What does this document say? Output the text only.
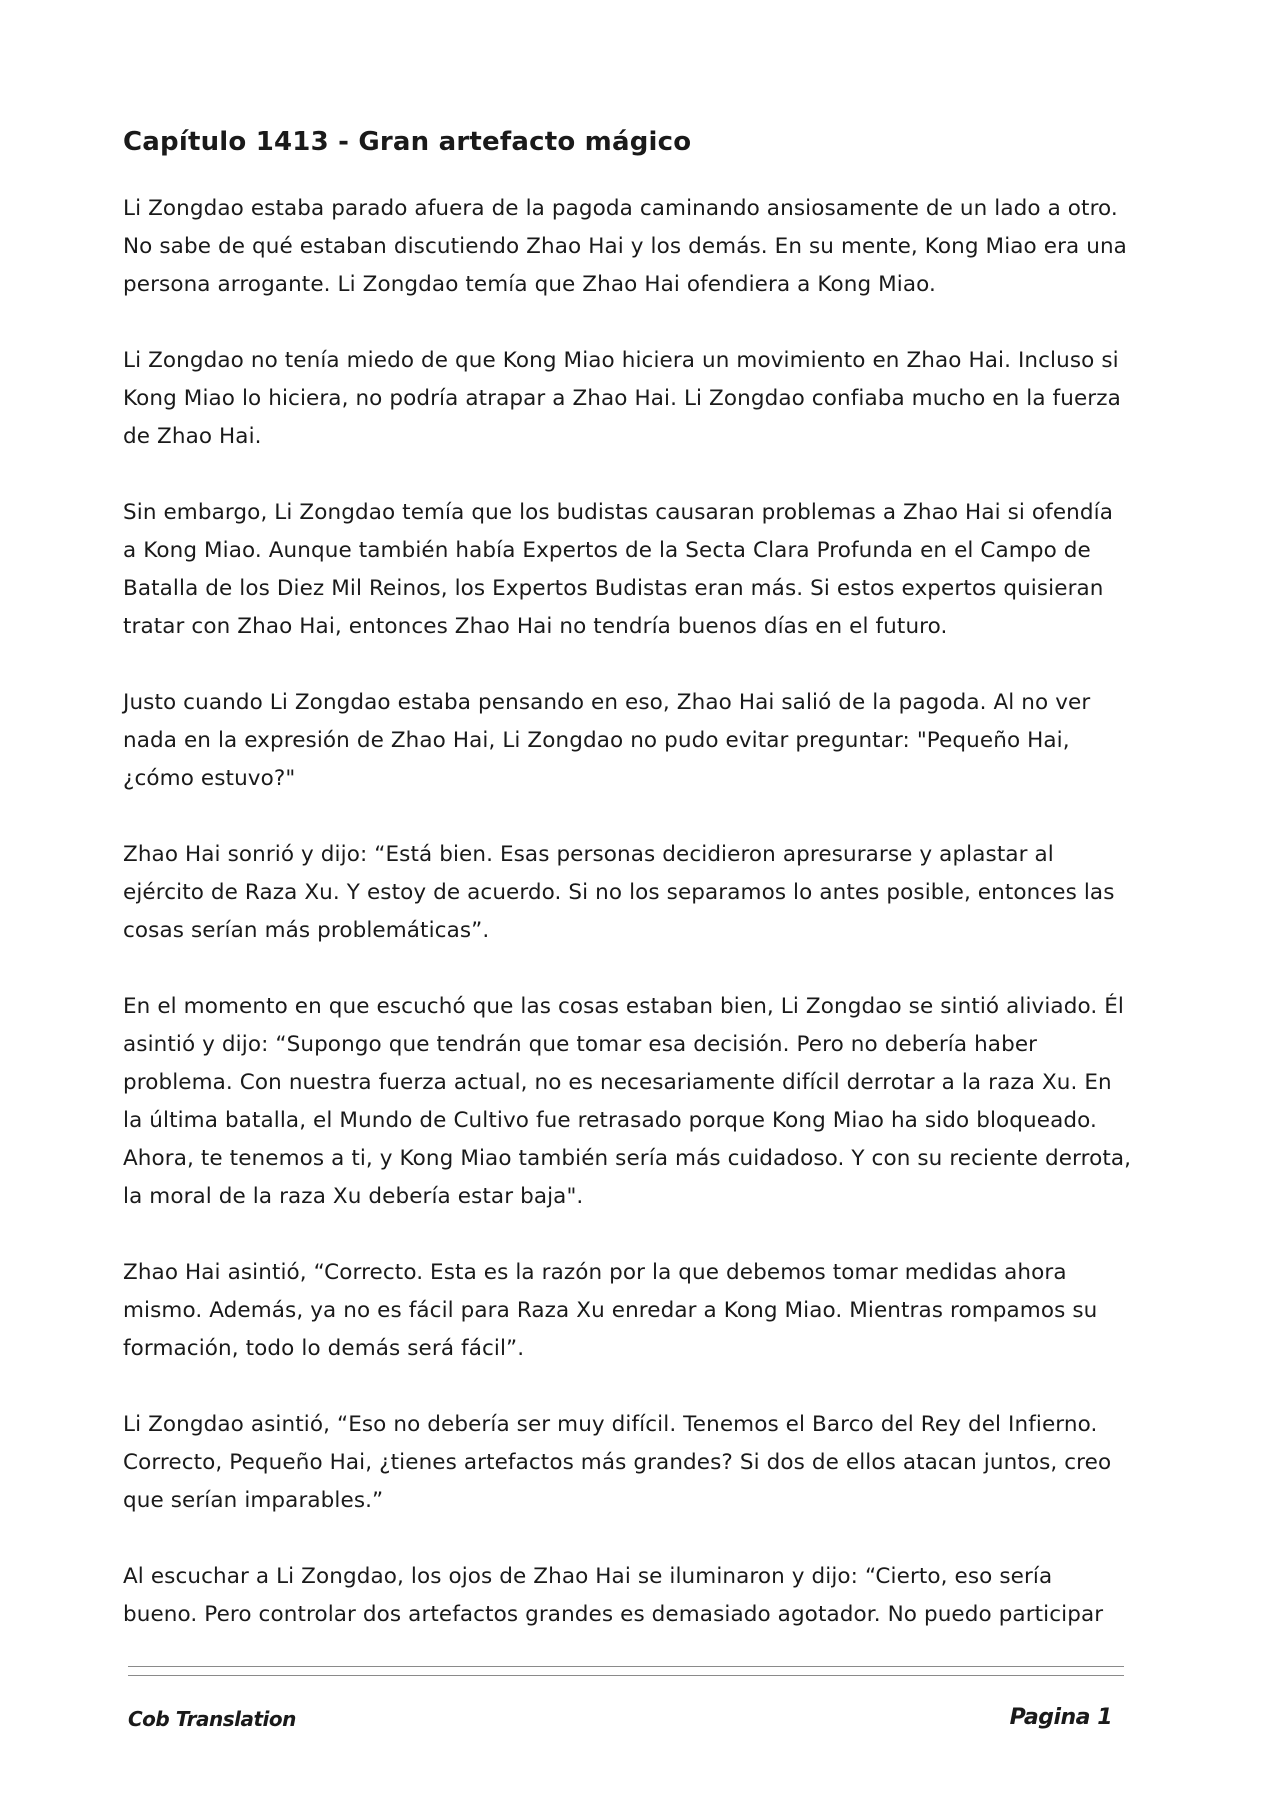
Capítulo 1413 - Gran artefacto mágico

Li Zongdao estaba parado afuera de la pagoda caminando ansiosamente de un lado a otro. No sabe de qué estaban discutiendo Zhao Hai y los demás. En su mente, Kong Miao era una persona arrogante. Li Zongdao temía que Zhao Hai ofendiera a Kong Miao.

Li Zongdao no tenía miedo de que Kong Miao hiciera un movimiento en Zhao Hai. Incluso si Kong Miao lo hiciera, no podría atrapar a Zhao Hai. Li Zongdao confiaba mucho en la fuerza de Zhao Hai.

Sin embargo, Li Zongdao temía que los budistas causaran problemas a Zhao Hai si ofendía a Kong Miao. Aunque también había Expertos de la Secta Clara Profunda en el Campo de Batalla de los Diez Mil Reinos, los Expertos Budistas eran más. Si estos expertos quisieran tratar con Zhao Hai, entonces Zhao Hai no tendría buenos días en el futuro.

Justo cuando Li Zongdao estaba pensando en eso, Zhao Hai salió de la pagoda. Al no ver nada en la expresión de Zhao Hai, Li Zongdao no pudo evitar preguntar: "Pequeño Hai, ¿cómo estuvo?"

Zhao Hai sonrió y dijo: “Está bien. Esas personas decidieron apresurarse y aplastar al ejército de Raza Xu. Y estoy de acuerdo. Si no los separamos lo antes posible, entonces las cosas serían más problemáticas”.

En el momento en que escuchó que las cosas estaban bien, Li Zongdao se sintió aliviado. Él asintió y dijo: “Supongo que tendrán que tomar esa decisión. Pero no debería haber problema. Con nuestra fuerza actual, no es necesariamente difícil derrotar a la raza Xu. En la última batalla, el Mundo de Cultivo fue retrasado porque Kong Miao ha sido bloqueado. Ahora, te tenemos a ti, y Kong Miao también sería más cuidadoso. Y con su reciente derrota, la moral de la raza Xu debería estar baja".

Zhao Hai asintió, “Correcto. Esta es la razón por la que debemos tomar medidas ahora mismo. Además, ya no es fácil para Raza Xu enredar a Kong Miao. Mientras rompamos su formación, todo lo demás será fácil”.

Li Zongdao asintió, “Eso no debería ser muy difícil. Tenemos el Barco del Rey del Infierno. Correcto, Pequeño Hai, ¿tienes artefactos más grandes? Si dos de ellos atacan juntos, creo que serían imparables.”

Al escuchar a Li Zongdao, los ojos de Zhao Hai se iluminaron y dijo: “Cierto, eso sería bueno. Pero controlar dos artefactos grandes es demasiado agotador. No puedo participar

Cob Translation	Pagina 1
